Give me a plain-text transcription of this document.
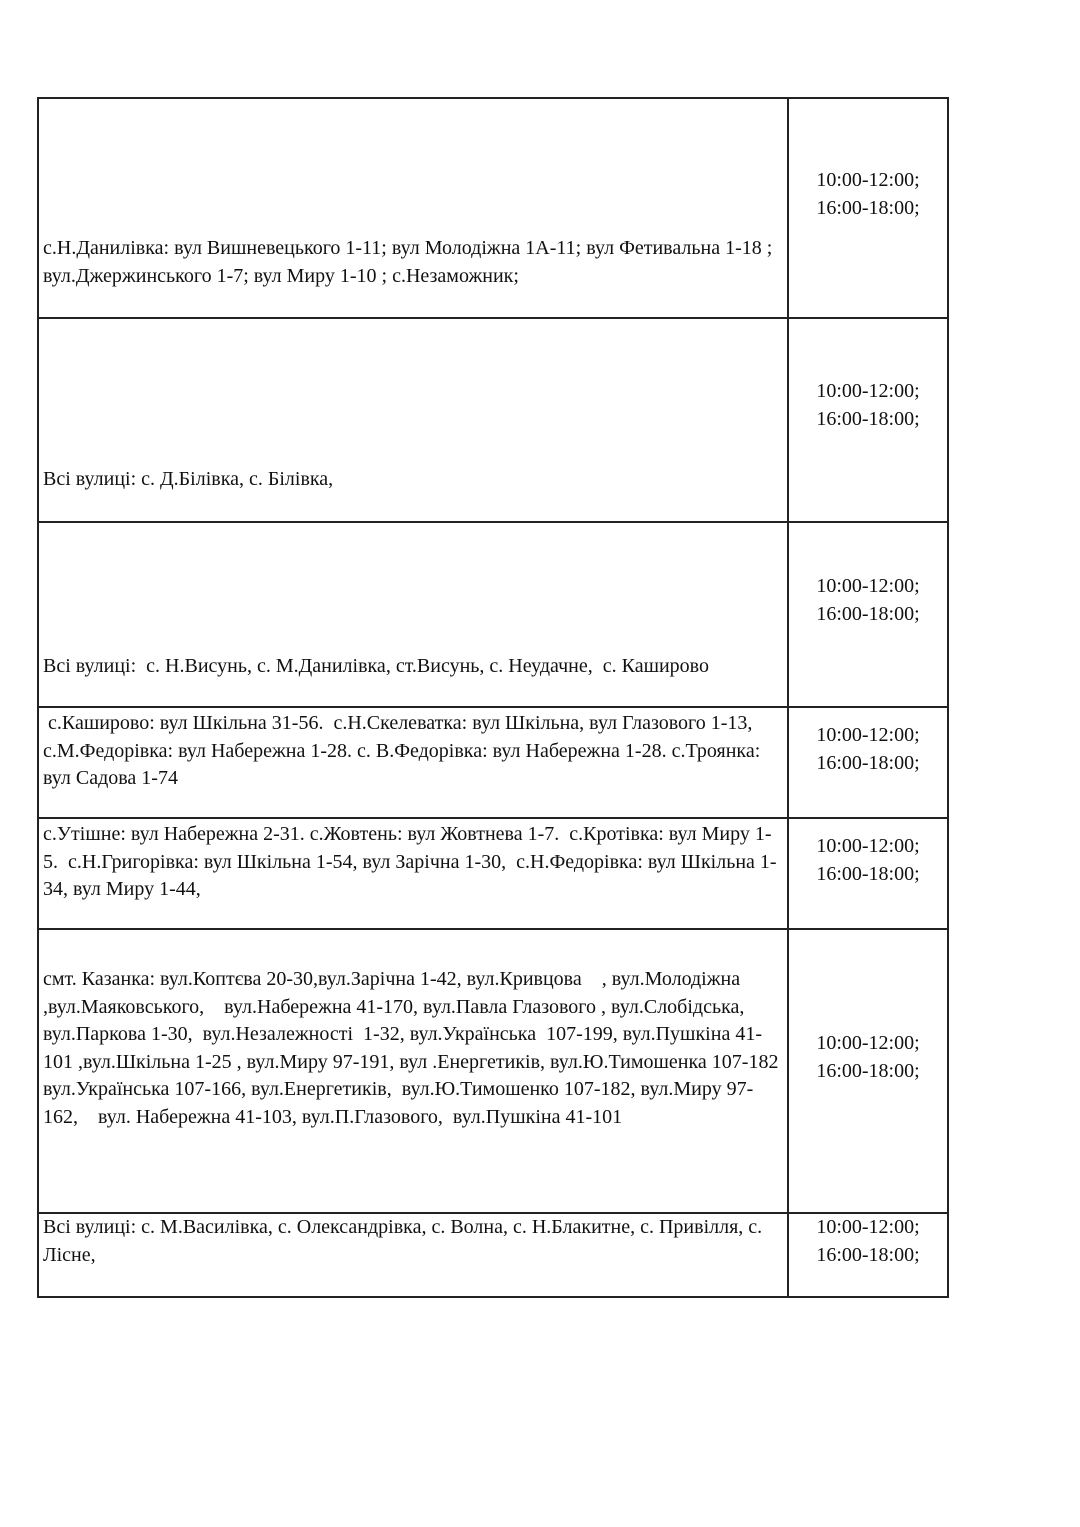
с.Н.Данилівка: вул Вишневецького 1-11; вул Молодіжна 1А-11; вул Фетивальна 1-18 ; вул.Джержинського 1-7; вул Миру 1-10 ; с.Незаможник;	10:00-12:00;
16:00-18:00;

Всі вулиці: с. Д.Білівка, с. Білівка,	10:00-12:00;
16:00-18:00;

Всі вулиці:  с. Н.Висунь, с. М.Данилівка, ст.Висунь, с. Неудачне,  с. Каширово	10:00-12:00;
16:00-18:00;

с.Каширово: вул Шкільна 31-56.  с.Н.Скелеватка: вул Шкільна, вул Глазового 1-13,  с.М.Федорівка: вул Набережна 1-28. с. В.Федорівка: вул Набережна 1-28. с.Троянка: вул Садова 1-74	10:00-12:00;
16:00-18:00;

с.Утішне: вул Набережна 2-31. с.Жовтень: вул Жовтнева 1-7.  с.Кротівка: вул Миру 1-5.  с.Н.Григорівка: вул Шкільна 1-54, вул Зарічна 1-30,  с.Н.Федорівка: вул Шкільна 1-34, вул Миру 1-44,	10:00-12:00;
16:00-18:00;

смт. Казанка: вул.Коптєва 20-30,вул.Зарічна 1-42, вул.Кривцова    , вул.Молодіжна ,вул.Маяковського,    вул.Набережна 41-170, вул.Павла Глазового , вул.Слобідська,  вул.Паркова 1-30,  вул.Незалежності  1-32, вул.Українська  107-199, вул.Пушкіна 41-101 ,вул.Шкільна 1-25 , вул.Миру 97-191, вул .Енергетиків, вул.Ю.Тимошенка 107-182
вул.Українська 107-166, вул.Енергетиків,  вул.Ю.Тимошенко 107-182, вул.Миру 97-162,    вул. Набережна 41-103, вул.П.Глазового,  вул.Пушкіна 41-101	10:00-12:00;
16:00-18:00;

Всі вулиці: с. М.Василівка, с. Олександрівка, с. Волна, с. Н.Блакитне, с. Привілля, с. Лісне,	10:00-12:00;
16:00-18:00;
